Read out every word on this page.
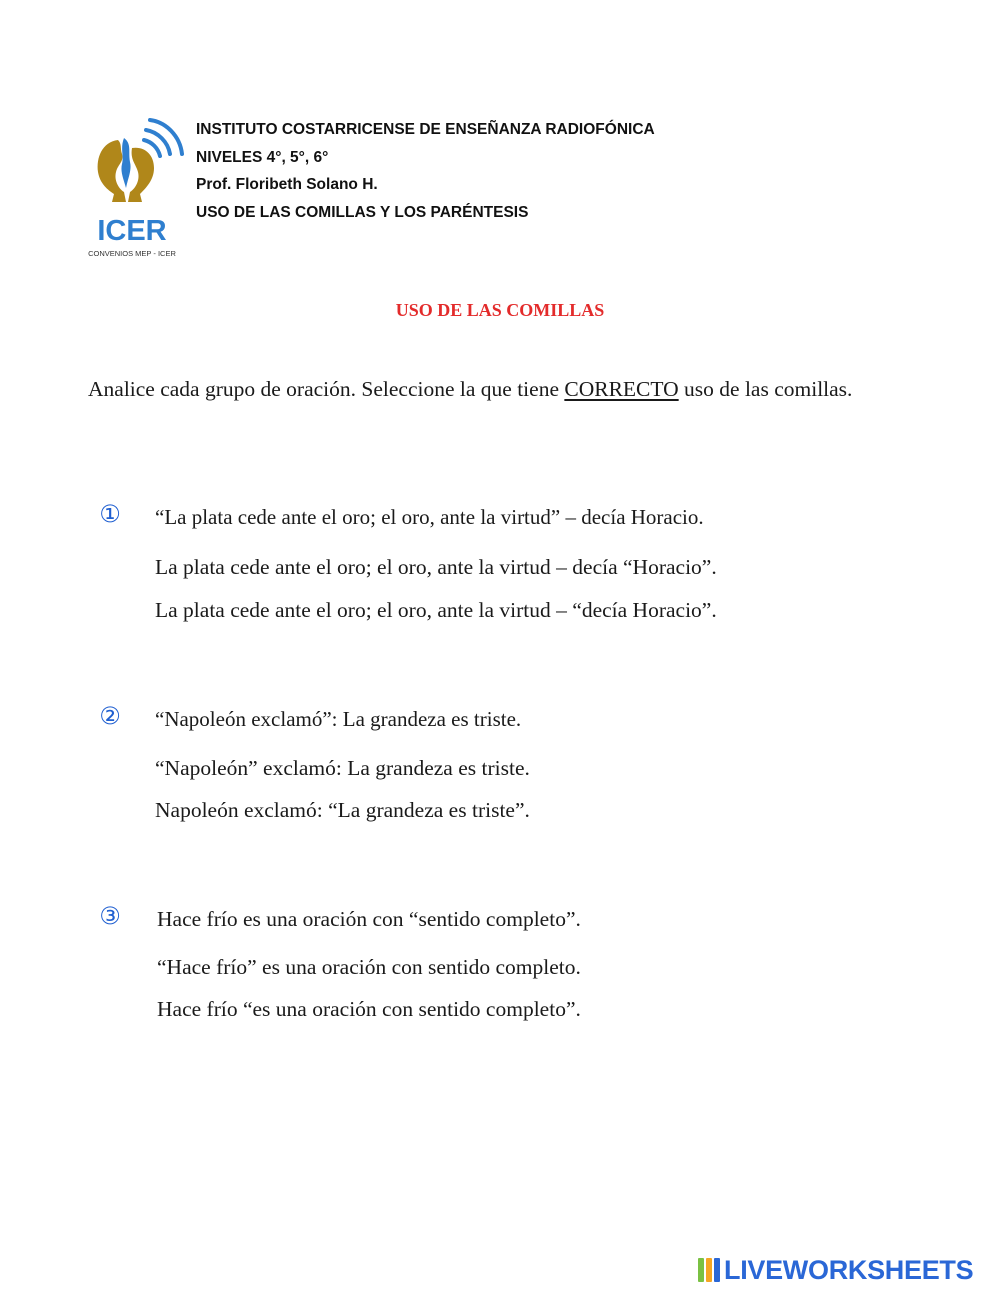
ICER
CONVENIOS MEP - ICER
INSTITUTO COSTARRICENSE DE ENSEÑANZA RADIOFÓNICA
NIVELES 4°, 5°, 6°
Prof. Floribeth Solano H.
USO DE LAS COMILLAS Y LOS PARÉNTESIS
USO DE LAS COMILLAS
Analice cada grupo de oración. Seleccione la que tiene CORRECTO uso de las comillas.
① “La plata cede ante el oro; el oro, ante la virtud” – decía Horacio.
La plata cede ante el oro; el oro, ante la virtud – decía “Horacio”.
La plata cede ante el oro; el oro, ante la virtud – “decía Horacio”.
② “Napoleón exclamó”: La grandeza es triste.
“Napoleón” exclamó: La grandeza es triste.
Napoleón exclamó: “La grandeza es triste”.
③ Hace frío es una oración con “sentido completo”.
“Hace frío” es una oración con sentido completo.
Hace frío “es una oración con sentido completo”.
LIVEWORKSHEETS
